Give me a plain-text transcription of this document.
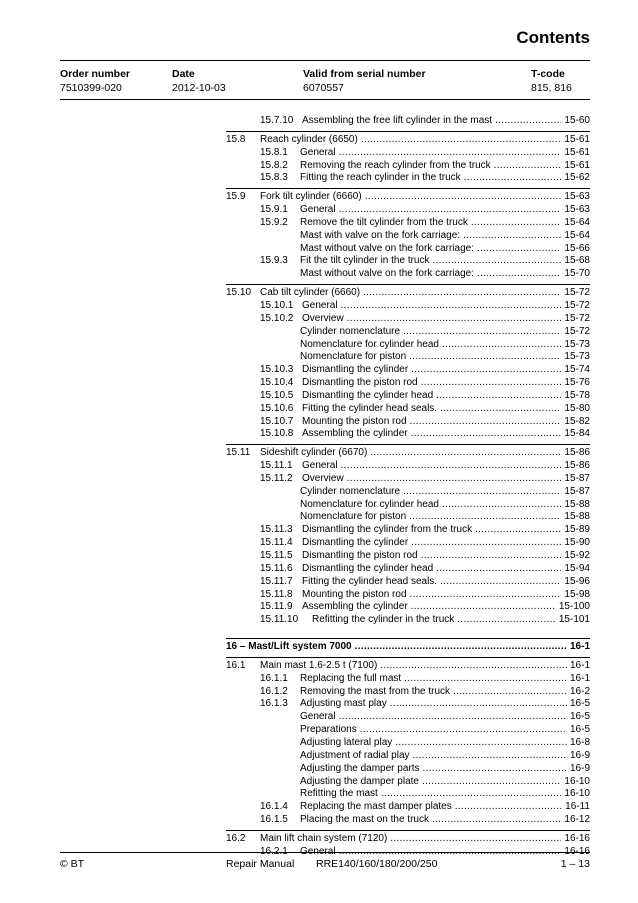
Contents
Order number	Date	Valid from serial number	T-code
7510399-020	2012-10-03	6070557	815, 816
15.7.10 Assembling the free lift cylinder in the mast .....	15-60
15.8 Reach cylinder (6650) .....	15-61
15.8.1 General .....	15-61
15.8.2 Removing the reach cylinder from the truck .....	15-61
15.8.3 Fitting the reach cylinder in the truck .....	15-62
15.9 Fork tilt cylinder (6660) .....	15-63
15.9.1 General .....	15-63
15.9.2 Remove the tilt cylinder from the truck .....	15-64
Mast with valve on the fork carriage: .....	15-64
Mast without valve on the fork carriage: .....	15-66
15.9.3 Fit the tilt cylinder in the truck .....	15-68
Mast without valve on the fork carriage: .....	15-70
15.10 Cab tilt cylinder (6660) .....	15-72
15.10.1 General .....	15-72
15.10.2 Overview .....	15-72
Cylinder nomenclature .....	15-72
Nomenclature for cylinder head .....	15-73
Nomenclature for piston .....	15-73
15.10.3 Dismantling the cylinder .....	15-74
15.10.4 Dismantling the piston rod .....	15-76
15.10.5 Dismantling the cylinder head .....	15-78
15.10.6 Fitting the cylinder head seals. .....	15-80
15.10.7 Mounting the piston rod .....	15-82
15.10.8 Assembling the cylinder .....	15-84
15.11 Sideshift cylinder (6670) .....	15-86
15.11.1 General .....	15-86
15.11.2 Overview .....	15-87
Cylinder nomenclature .....	15-87
Nomenclature for cylinder head .....	15-88
Nomenclature for piston .....	15-88
15.11.3 Dismantling the cylinder from the truck .....	15-89
15.11.4 Dismantling the cylinder .....	15-90
15.11.5 Dismantling the piston rod .....	15-92
15.11.6 Dismantling the cylinder head .....	15-94
15.11.7 Fitting the cylinder head seals. .....	15-96
15.11.8 Mounting the piston rod .....	15-98
15.11.9 Assembling the cylinder .....	15-100
15.11.10 Refitting the cylinder in the truck .....	15-101
16 – Mast/Lift system 7000 .....	16-1
16.1 Main mast 1.6-2.5 t (7100) .....	16-1
16.1.1 Replacing the full mast .....	16-1
16.1.2 Removing the mast from the truck .....	16-2
16.1.3 Adjusting mast play .....	16-5
General .....	16-5
Preparations .....	16-5
Adjusting lateral play .....	16-8
Adjustment of radial play .....	16-9
Adjusting the damper parts .....	16-9
Adjusting the damper plate .....	16-10
Refitting the mast .....	16-10
16.1.4 Replacing the mast damper plates .....	16-11
16.1.5 Placing the mast on the truck .....	16-12
16.2 Main lift chain system (7120) .....	16-16
16.2.1 General .....	16-16
© BT	Repair Manual RRE140/160/180/200/250	1 – 13
